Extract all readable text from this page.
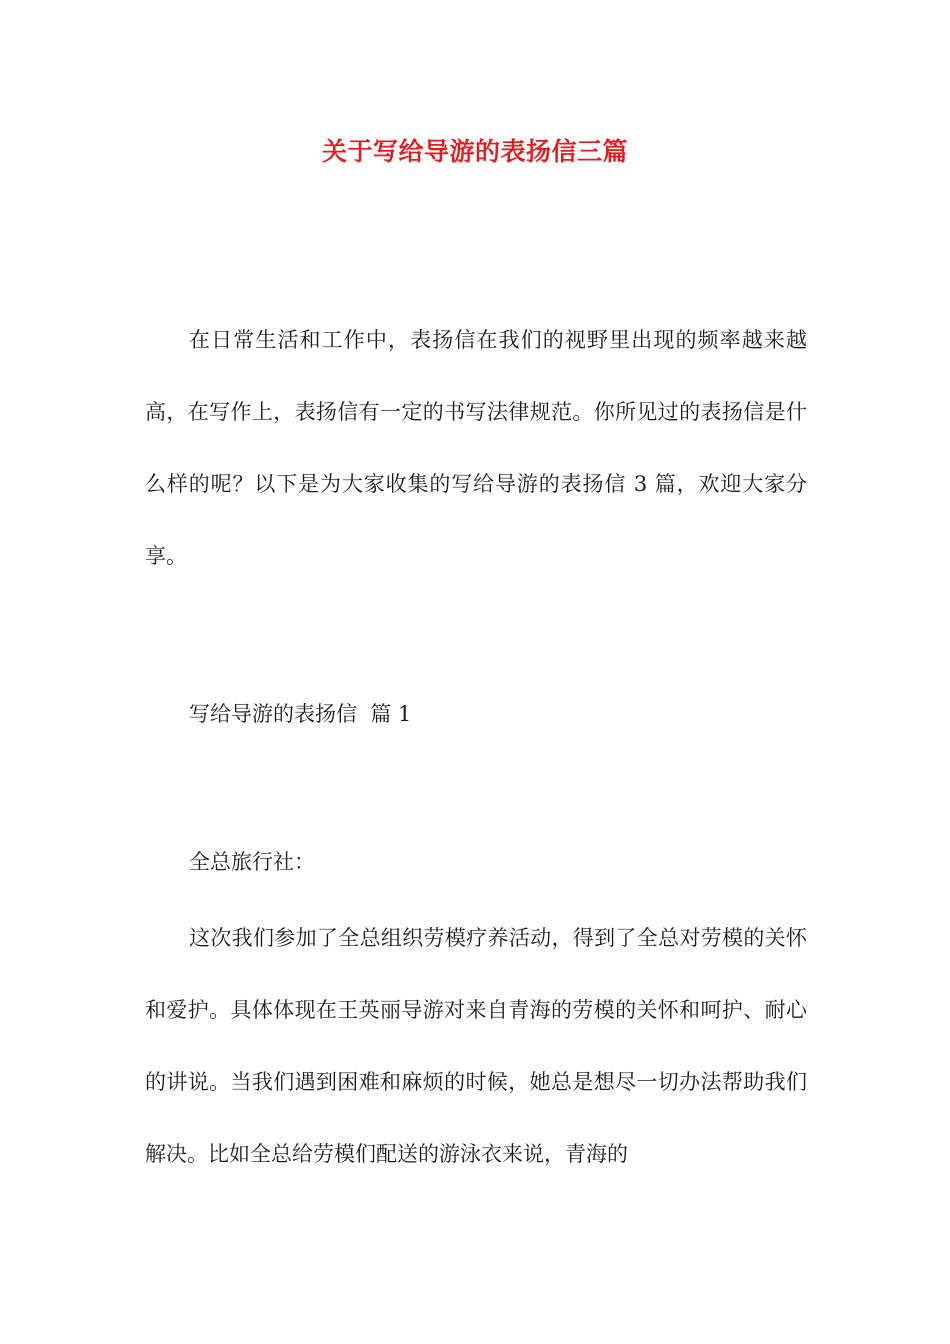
关于写给导游的表扬信三篇

在日常生活和工作中，表扬信在我们的视野里出现的频率越来越高，在写作上，表扬信有一定的书写法律规范。你所见过的表扬信是什么样的呢？以下是为大家收集的写给导游的表扬信 3 篇，欢迎大家分享。

写给导游的表扬信  篇 1

全总旅行社：

这次我们参加了全总组织劳模疗养活动，得到了全总对劳模的关怀和爱护。具体体现在王英丽导游对来自青海的劳模的关怀和呵护、耐心的讲说。当我们遇到困难和麻烦的时候，她总是想尽一切办法帮助我们解决。比如全总给劳模们配送的游泳衣来说，青海的
